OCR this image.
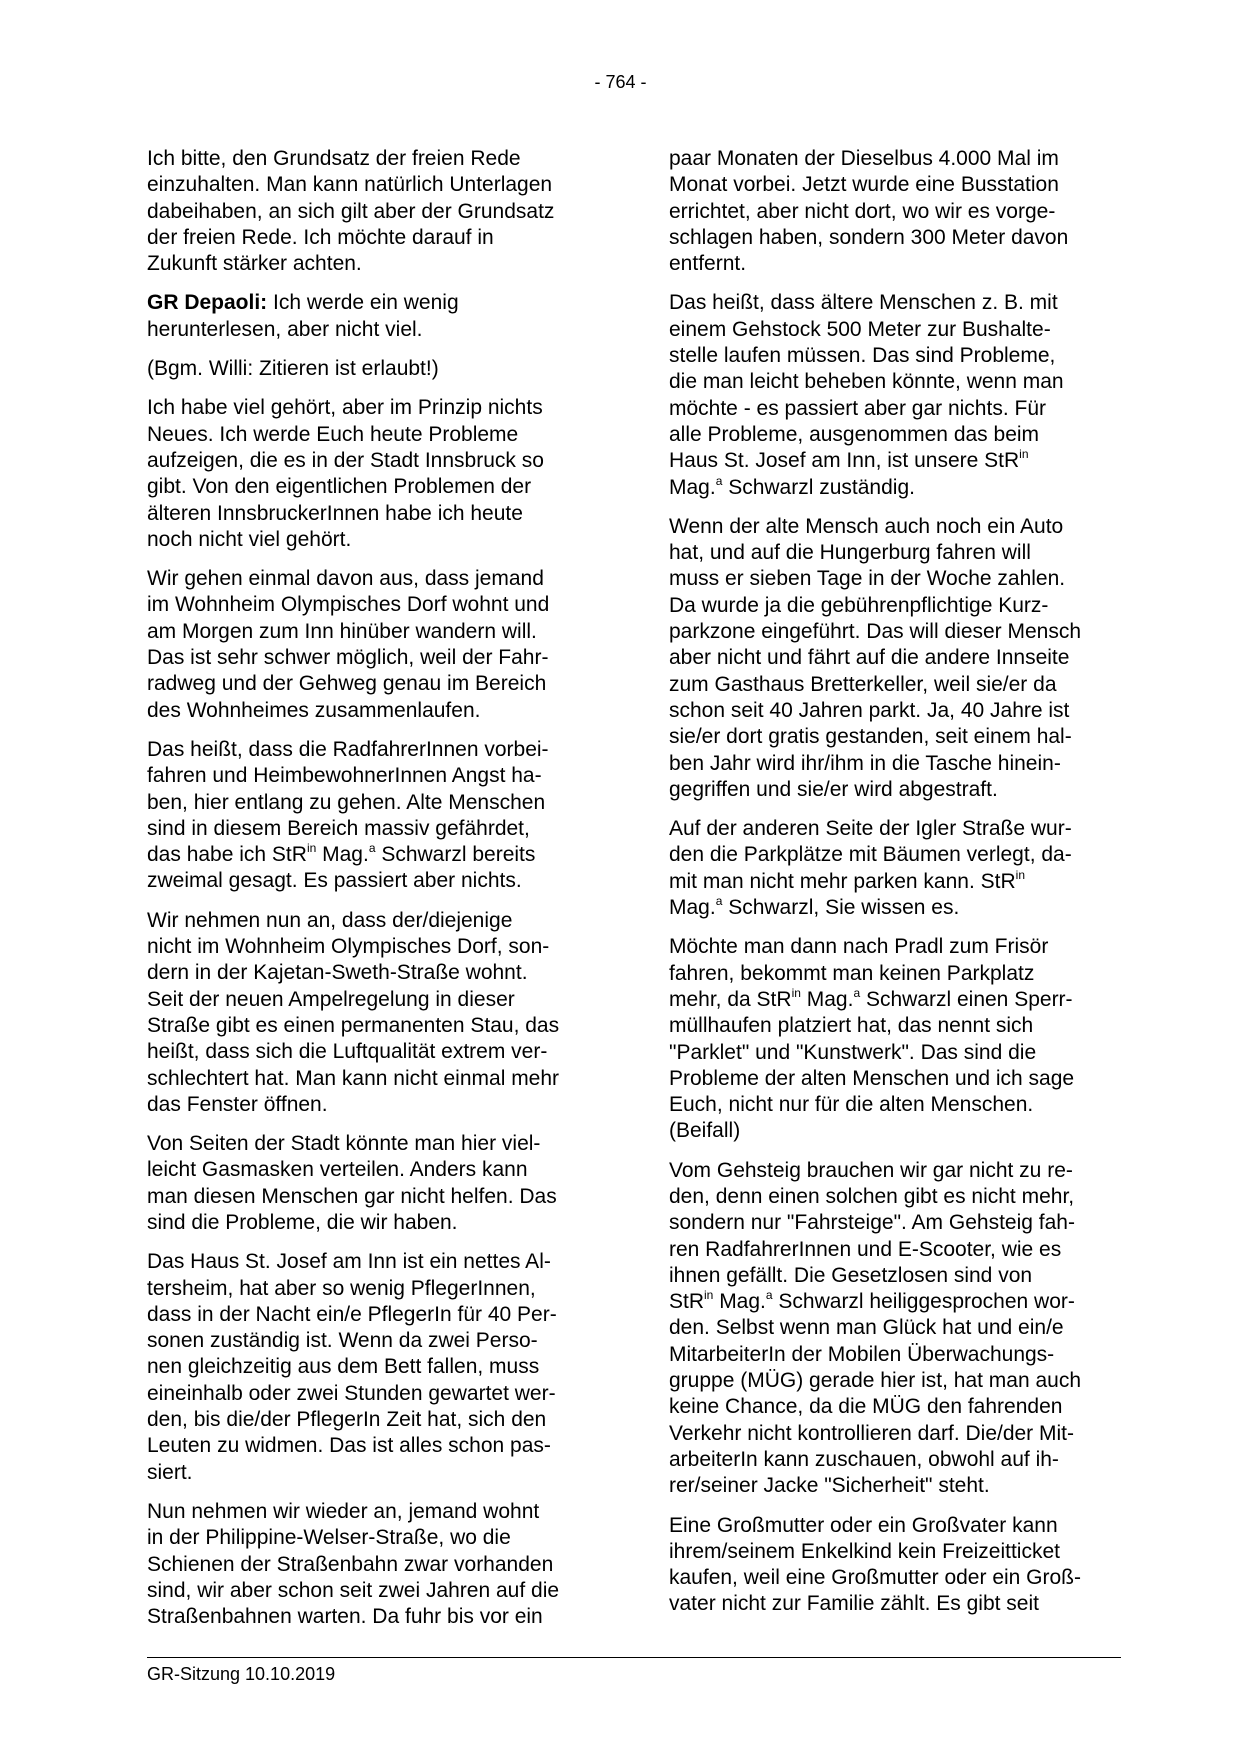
- 764 -

Ich bitte, den Grundsatz der freien Rede
einzuhalten. Man kann natürlich Unterlagen
dabeihaben, an sich gilt aber der Grundsatz
der freien Rede. Ich möchte darauf in
Zukunft stärker achten.

GR Depaoli: Ich werde ein wenig
herunterlesen, aber nicht viel.

(Bgm. Willi: Zitieren ist erlaubt!)

Ich habe viel gehört, aber im Prinzip nichts
Neues. Ich werde Euch heute Probleme
aufzeigen, die es in der Stadt Innsbruck so
gibt. Von den eigentlichen Problemen der
älteren InnsbruckerInnen habe ich heute
noch nicht viel gehört.

Wir gehen einmal davon aus, dass jemand
im Wohnheim Olympisches Dorf wohnt und
am Morgen zum Inn hinüber wandern will.
Das ist sehr schwer möglich, weil der Fahr-
radweg und der Gehweg genau im Bereich
des Wohnheimes zusammenlaufen.

Das heißt, dass die RadfahrerInnen vorbei-
fahren und HeimbewohnerInnen Angst ha-
ben, hier entlang zu gehen. Alte Menschen
sind in diesem Bereich massiv gefährdet,
das habe ich StR$^{in}$ Mag.$^a$ Schwarzl bereits
zweimal gesagt. Es passiert aber nichts.

Wir nehmen nun an, dass der/diejenige
nicht im Wohnheim Olympisches Dorf, son-
dern in der Kajetan-Sweth-Straße wohnt.
Seit der neuen Ampelregelung in dieser
Straße gibt es einen permanenten Stau, das
heißt, dass sich die Luftqualität extrem ver-
schlechtert hat. Man kann nicht einmal mehr
das Fenster öffnen.

Von Seiten der Stadt könnte man hier viel-
leicht Gasmasken verteilen. Anders kann
man diesen Menschen gar nicht helfen. Das
sind die Probleme, die wir haben.

Das Haus St. Josef am Inn ist ein nettes Al-
tersheim, hat aber so wenig PflegerInnen,
dass in der Nacht ein/e PflegerIn für 40 Per-
sonen zuständig ist. Wenn da zwei Perso-
nen gleichzeitig aus dem Bett fallen, muss
eineinhalb oder zwei Stunden gewartet wer-
den, bis die/der PflegerIn Zeit hat, sich den
Leuten zu widmen. Das ist alles schon pas-
siert.

Nun nehmen wir wieder an, jemand wohnt
in der Philippine-Welser-Straße, wo die
Schienen der Straßenbahn zwar vorhanden
sind, wir aber schon seit zwei Jahren auf die
Straßenbahnen warten. Da fuhr bis vor ein

paar Monaten der Dieselbus 4.000 Mal im
Monat vorbei. Jetzt wurde eine Busstation
errichtet, aber nicht dort, wo wir es vorge-
schlagen haben, sondern 300 Meter davon
entfernt.

Das heißt, dass ältere Menschen z. B. mit
einem Gehstock 500 Meter zur Bushalte-
stelle laufen müssen. Das sind Probleme,
die man leicht beheben könnte, wenn man
möchte - es passiert aber gar nichts. Für
alle Probleme, ausgenommen das beim
Haus St. Josef am Inn, ist unsere StR$^{in}$
Mag.$^a$ Schwarzl zuständig.

Wenn der alte Mensch auch noch ein Auto
hat, und auf die Hungerburg fahren will
muss er sieben Tage in der Woche zahlen.
Da wurde ja die gebührenpflichtige Kurz-
parkzone eingeführt. Das will dieser Mensch
aber nicht und fährt auf die andere Innseite
zum Gasthaus Bretterkeller, weil sie/er da
schon seit 40 Jahren parkt. Ja, 40 Jahre ist
sie/er dort gratis gestanden, seit einem hal-
ben Jahr wird ihr/ihm in die Tasche hinein-
gegriffen und sie/er wird abgestraft.

Auf der anderen Seite der Igler Straße wur-
den die Parkplätze mit Bäumen verlegt, da-
mit man nicht mehr parken kann. StR$^{in}$
Mag.$^a$ Schwarzl, Sie wissen es.

Möchte man dann nach Pradl zum Frisör
fahren, bekommt man keinen Parkplatz
mehr, da StR$^{in}$ Mag.$^a$ Schwarzl einen Sperr-
müllhaufen platziert hat, das nennt sich
"Parklet" und "Kunstwerk". Das sind die
Probleme der alten Menschen und ich sage
Euch, nicht nur für die alten Menschen.
(Beifall)

Vom Gehsteig brauchen wir gar nicht zu re-
den, denn einen solchen gibt es nicht mehr,
sondern nur "Fahrsteige". Am Gehsteig fah-
ren RadfahrerInnen und E-Scooter, wie es
ihnen gefällt. Die Gesetzlosen sind von
StR$^{in}$ Mag.$^a$ Schwarzl heiliggesprochen wor-
den. Selbst wenn man Glück hat und ein/e
MitarbeiterIn der Mobilen Überwachungs-
gruppe (MÜG) gerade hier ist, hat man auch
keine Chance, da die MÜG den fahrenden
Verkehr nicht kontrollieren darf. Die/der Mit-
arbeiterIn kann zuschauen, obwohl auf ih-
rer/seiner Jacke "Sicherheit" steht.

Eine Großmutter oder ein Großvater kann
ihrem/seinem Enkelkind kein Freizeitticket
kaufen, weil eine Großmutter oder ein Groß-
vater nicht zur Familie zählt. Es gibt seit

GR-Sitzung 10.10.2019
